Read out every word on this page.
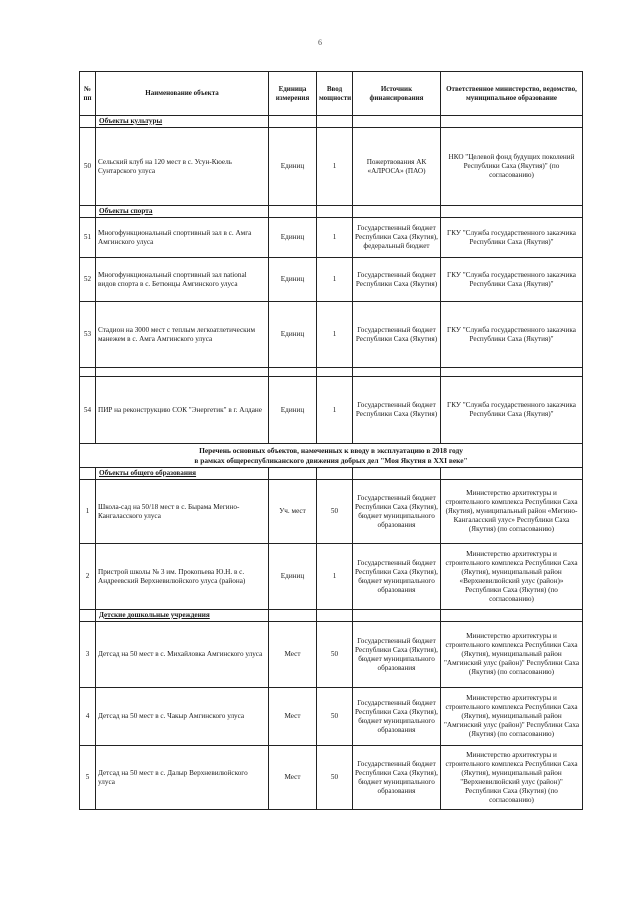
6
№ пп	Наименование объекта	Единица измерения	Ввод мощности	Источник финансирования	Ответственное министерство, ведомство, муниципальное образование
	Объекты культуры				
50	Сельский клуб на 120 мест в с. Усун-Кюель Сунтарского улуса	Единиц	1	Пожертвования АК «АЛРОСА» (ПАО)	НКО "Целевой фонд будущих поколений Республики Саха (Якутия)" (по согласованию)
	Объекты спорта				
51	Многофункциональный спортивный зал в с. Амга Амгинского улуса	Единиц	1	Государственный бюджет Республики Саха (Якутия), федеральный бюджет	ГКУ "Служба государственного заказчика Республики Саха (Якутия)"
52	Многофункциональный спортивный зал national видов спорта в с. Бетюнцы Амгинского улуса	Единиц	1	Государственный бюджет Республики Саха (Якутия)	ГКУ "Служба государственного заказчика Республики Саха (Якутия)"
53	Стадион на 3000 мест с теплым легкоатлетическим манежем в с. Амга Амгинского улуса	Единиц	1	Государственный бюджет Республики Саха (Якутия)	ГКУ "Служба государственного заказчика Республики Саха (Якутия)"

54	ПИР на реконструкцию СОК "Энергетик" в г. Алдане	Единиц	1	Государственный бюджет Республики Саха (Якутия)	ГКУ "Служба государственного заказчика Республики Саха (Якутия)"

Перечень основных объектов, намеченных к вводу в эксплуатацию в 2018 году
в рамках общереспубликанского движения добрых дел "Моя Якутия в XXI веке"					

	Объекты общего образования				
1	Школа-сад на 50/18 мест в с. Бырама Мегино-Кангаласского улуса	Уч. мест	50	Государственный бюджет Республики Саха (Якутия), бюджет муниципального образования	Министерство архитектуры и строительного комплекса Республики Саха (Якутия), муниципальный район «Мегино-Кангаласский улус» Республики Саха (Якутия) (по согласованию)
2	Пристрой школы № 3 им. Прокопьева Ю.Н. в с. Андреевский Верхневилюйского улуса (района)	Единиц	1	Государственный бюджет Республики Саха (Якутия), бюджет муниципального образования	Министерство архитектуры и строительного комплекса Республики Саха (Якутия), муниципальный район «Верхневилюйский улус (район)» Республики Саха (Якутия) (по согласованию)
	Детские дошкольные учреждения				
3	Детсад на 50 мест в с. Михайловка Амгинского улуса	Мест	50	Государственный бюджет Республики Саха (Якутия), бюджет муниципального образования	Министерство архитектуры и строительного комплекса Республики Саха (Якутия), муниципальный район "Амгинский улус (район)" Республики Саха (Якутия) (по согласованию)
4	Детсад на 50 мест в с. Чакыр Амгинского улуса	Мест	50	Государственный бюджет Республики Саха (Якутия), бюджет муниципального образования	Министерство архитектуры и строительного комплекса Республики Саха (Якутия), муниципальный район "Амгинский улус (район)" Республики Саха (Якутия) (по согласованию)
5	Детсад на 50 мест в с. Далыр Верхневилюйского улуса	Мест	50	Государственный бюджет Республики Саха (Якутия), бюджет муниципального образования	Министерство архитектуры и строительного комплекса Республики Саха (Якутия), муниципальный район "Верхневилюйский улус (район)" Республики Саха (Якутия) (по согласованию)
